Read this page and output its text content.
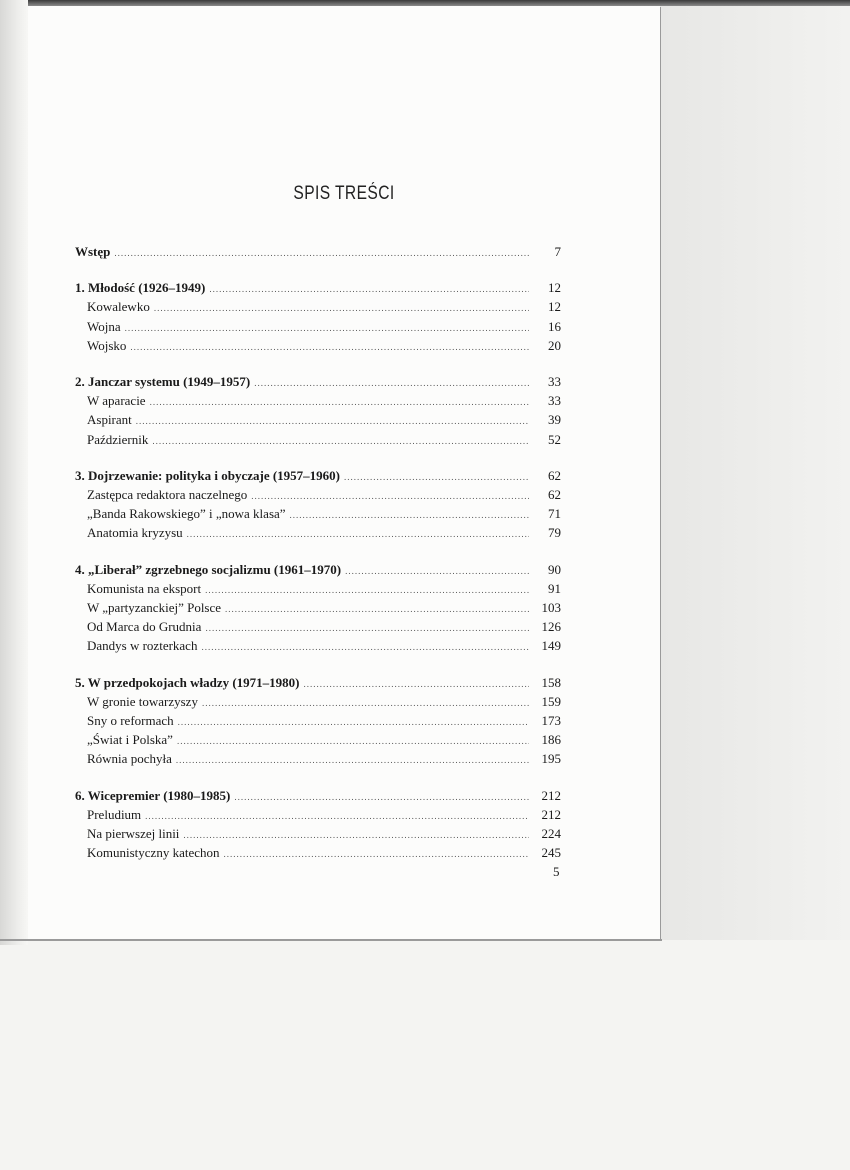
SPIS TREŚCI
Wstęp .....	7
1. Młodość (1926–1949) .....	12
Kowalewko .....	12
Wojna .....	16
Wojsko .....	20
2. Janczar systemu (1949–1957) .....	33
W aparacie .....	33
Aspirant .....	39
Październik .....	52
3. Dojrzewanie: polityka i obyczaje (1957–1960) .....	62
Zastępca redaktora naczelnego .....	62
„Banda Rakowskiego” i „nowa klasa” .....	71
Anatomia kryzysu .....	79
4. „Liberał” zgrzebnego socjalizmu (1961–1970) .....	90
Komunista na eksport .....	91
W „partyzanckiej” Polsce .....	103
Od Marca do Grudnia .....	126
Dandys w rozterkach .....	149
5. W przedpokojach władzy (1971–1980) .....	158
W gronie towarzyszy .....	159
Sny o reformach .....	173
„Świat i Polska” .....	186
Równia pochyła .....	195
6. Wicepremier (1980–1985) .....	212
Preludium .....	212
Na pierwszej linii .....	224
Komunistyczny katechon .....	245
5
